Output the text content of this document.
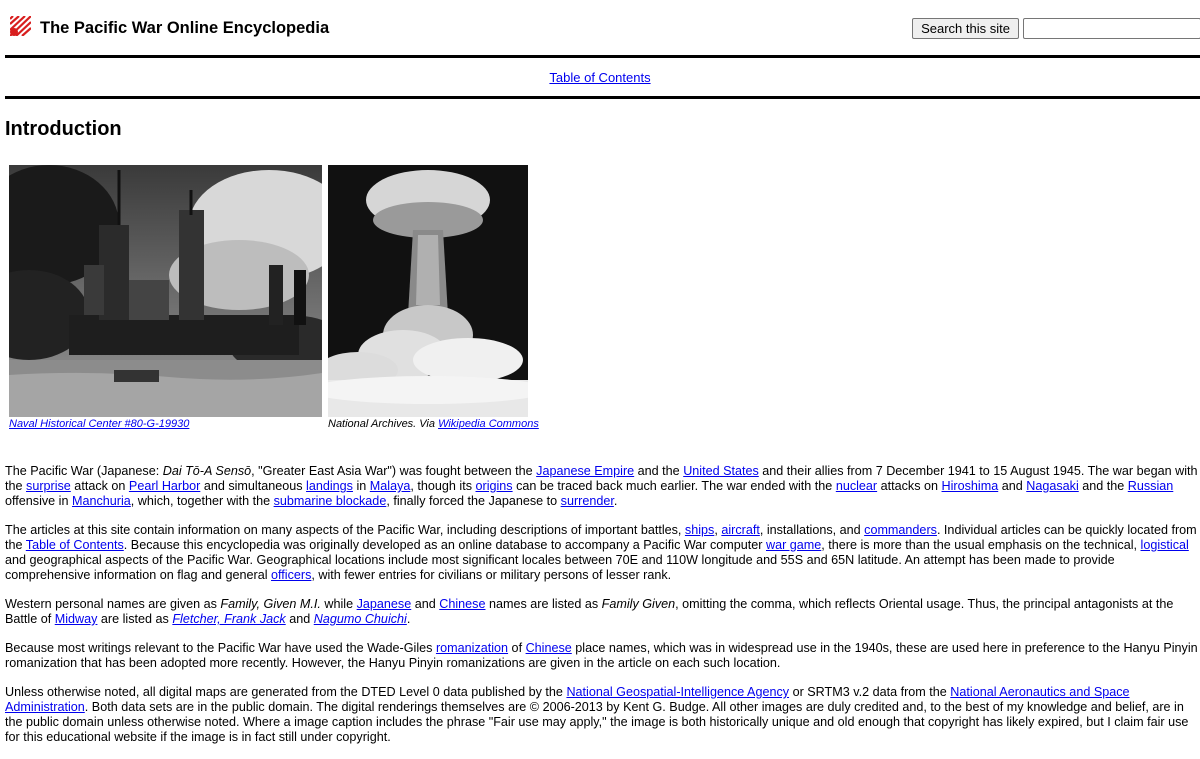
The Pacific War Online Encyclopedia	Search this site
Table of Contents
Introduction
Naval Historical Center #80-G-19930	National Archives. Via Wikipedia Commons

The Pacific War (Japanese: Dai Tō-A Sensō, "Greater East Asia War") was fought between the Japanese Empire and the United States and their allies from 7 December 1941 to 15 August 1945. The war began with the surprise attack on Pearl Harbor and simultaneous landings in Malaya, though its origins can be traced back much earlier. The war ended with the nuclear attacks on Hiroshima and Nagasaki and the Russian offensive in Manchuria, which, together with the submarine blockade, finally forced the Japanese to surrender.

The articles at this site contain information on many aspects of the Pacific War, including descriptions of important battles, ships, aircraft, installations, and commanders. Individual articles can be quickly located from the Table of Contents. Because this encyclopedia was originally developed as an online database to accompany a Pacific War computer war game, there is more than the usual emphasis on the technical, logistical and geographical aspects of the Pacific War. Geographical locations include most significant locales between 70E and 110W longitude and 55S and 65N latitude. An attempt has been made to provide comprehensive information on flag and general officers, with fewer entries for civilians or military persons of lesser rank.

Western personal names are given as Family, Given M.I. while Japanese and Chinese names are listed as Family Given, omitting the comma, which reflects Oriental usage. Thus, the principal antagonists at the Battle of Midway are listed as Fletcher, Frank Jack and Nagumo Chuichi.

Because most writings relevant to the Pacific War have used the Wade-Giles romanization of Chinese place names, which was in widespread use in the 1940s, these are used here in preference to the Hanyu Pinyin romanization that has been adopted more recently. However, the Hanyu Pinyin romanizations are given in the article on each such location.

Unless otherwise noted, all digital maps are generated from the DTED Level 0 data published by the National Geospatial-Intelligence Agency or SRTM3 v.2 data from the National Aeronautics and Space Administration. Both data sets are in the public domain. The digital renderings themselves are © 2006-2013 by Kent G. Budge. All other images are duly credited and, to the best of my knowledge and belief, are in the public domain unless otherwise noted. Where a image caption includes the phrase "Fair use may apply," the image is both historically unique and old enough that copyright has likely expired, but I claim fair use for this educational website if the image is in fact still under copyright.
